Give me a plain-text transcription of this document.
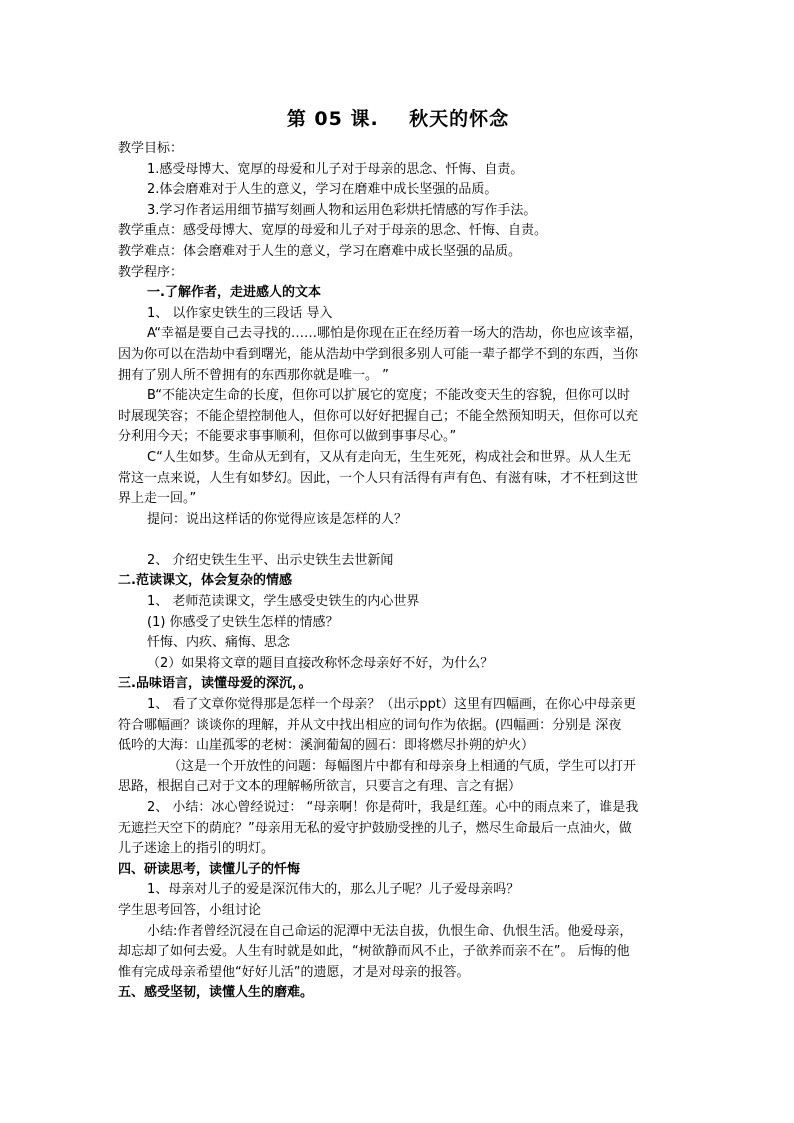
第 05 课.    秋天的怀念
教学目标：
1.感受母博大、宽厚的母爱和儿子对于母亲的思念、忏悔、自责。
2.体会磨难对于人生的意义，学习在磨难中成长坚强的品质。
3.学习作者运用细节描写刻画人物和运用色彩烘托情感的写作手法。
教学重点：感受母博大、宽厚的母爱和儿子对于母亲的思念、忏悔、自责。
教学难点：体会磨难对于人生的意义，学习在磨难中成长坚强的品质。
教学程序：
一.了解作者，走进感人的文本
1、 以作家史铁生的三段话 导入
A“幸福是要自己去寻找的……哪怕是你现在正在经历着一场大的浩劫，你也应该幸福，
因为你可以在浩劫中看到曙光，能从浩劫中学到很多别人可能一辈子都学不到的东西，当你
拥有了别人所不曾拥有的东西那你就是唯一。 ”
B“不能决定生命的长度，但你可以扩展它的宽度；不能改变天生的容貌，但你可以时
时展现笑容；不能企望控制他人，但你可以好好把握自己；不能全然预知明天，但你可以充
分利用今天；不能要求事事顺利，但你可以做到事事尽心。”
C“人生如梦。生命从无到有，又从有走向无，生生死死，构成社会和世界。从人生无
常这一点来说，人生有如梦幻。因此，一个人只有活得有声有色、有滋有味，才不枉到这世
界上走一回。”
提问：说出这样话的你觉得应该是怎样的人？
2、 介绍史铁生生平、出示史铁生去世新闻
二.范读课文，体会复杂的情感
1、 老师范读课文，学生感受史铁生的内心世界
(1) 你感受了史铁生怎样的情感？
忏悔、内疚、痛悔、思念
（2）如果将文章的题目直接改称怀念母亲好不好，为什么？
三.品味语言，读懂母爱的深沉，。
1、 看了文章你觉得那是怎样一个母亲？（出示ppt）这里有四幅画，在你心中母亲更
符合哪幅画？谈谈你的理解，并从文中找出相应的词句作为依据。(四幅画：分别是 深夜
低吟的大海：山崖孤零的老树：溪涧葡匐的圆石：即将燃尽扑朔的炉火）
（这是一个开放性的问题：每幅图片中都有和母亲身上相通的气质，学生可以打开
思路，根据自己对于文本的理解畅所欲言，只要言之有理、言之有据）
2、 小结：冰心曾经说过： “母亲啊！你是荷叶，我是红莲。心中的雨点来了，谁是我
无遮拦天空下的荫庇？”母亲用无私的爱守护鼓励受挫的儿子，燃尽生命最后一点油火，做
儿子迷途上的指引的明灯。
四、研读思考，读懂儿子的忏悔
1、母亲对儿子的爱是深沉伟大的，那么儿子呢？儿子爱母亲吗？
学生思考回答，小组讨论
小结:作者曾经沉浸在自己命运的泥潭中无法自拔，仇恨生命、仇恨生活。他爱母亲，
却忘却了如何去爱。人生有时就是如此，“树欲静而风不止，子欲养而亲不在”。 后悔的他
惟有完成母亲希望他“好好儿活”的遗愿，才是对母亲的报答。
五、感受坚韧，读懂人生的磨难。
